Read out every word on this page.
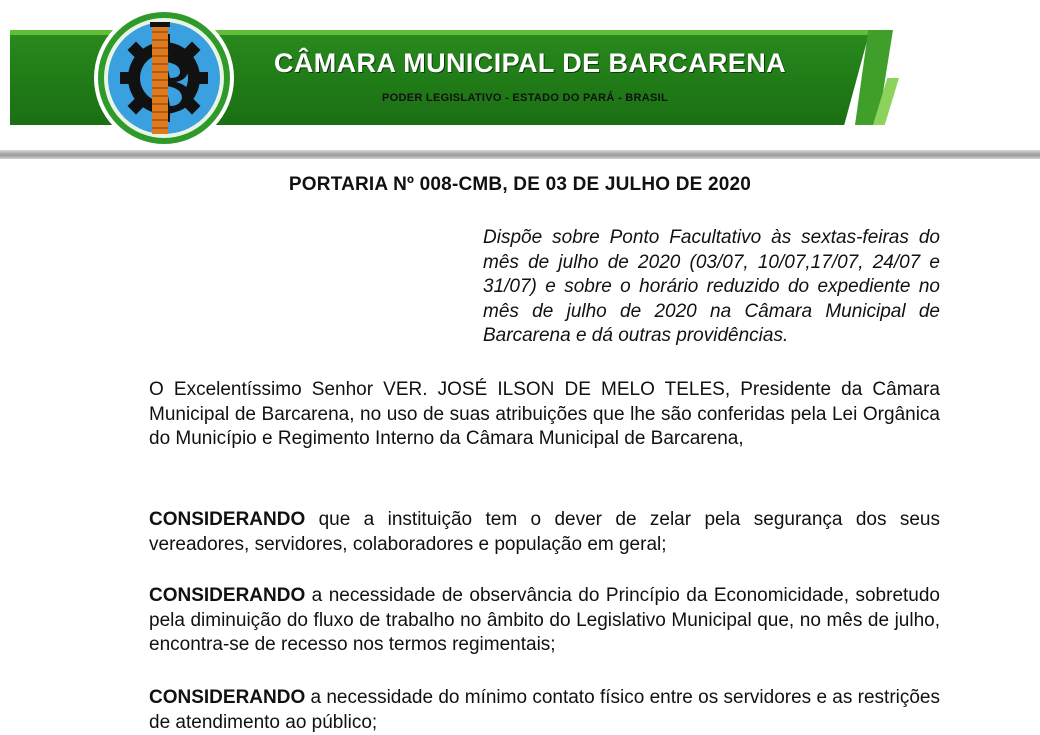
CÂMARA MUNICIPAL DE BARCARENA
PODER LEGISLATIVO - ESTADO DO PARÁ - BRASIL
PORTARIA Nº 008-CMB, DE 03 DE JULHO DE 2020
Dispõe sobre Ponto Facultativo às sextas-feiras do mês de julho de 2020 (03/07, 10/07,17/07, 24/07 e 31/07) e sobre o horário reduzido do expediente no mês de julho de 2020 na Câmara Municipal de Barcarena e dá outras providências.
O Excelentíssimo Senhor VER. JOSÉ ILSON DE MELO TELES, Presidente da Câmara Municipal de Barcarena, no uso de suas atribuições que lhe são conferidas pela Lei Orgânica do Município e Regimento Interno da Câmara Municipal de Barcarena,
CONSIDERANDO que a instituição tem o dever de zelar pela segurança dos seus vereadores, servidores, colaboradores e população em geral;
CONSIDERANDO a necessidade de observância do Princípio da Economicidade, sobretudo pela diminuição do fluxo de trabalho no âmbito do Legislativo Municipal que, no mês de julho, encontra-se de recesso nos termos regimentais;
CONSIDERANDO a necessidade do mínimo contato físico entre os servidores e as restrições de atendimento ao público;
